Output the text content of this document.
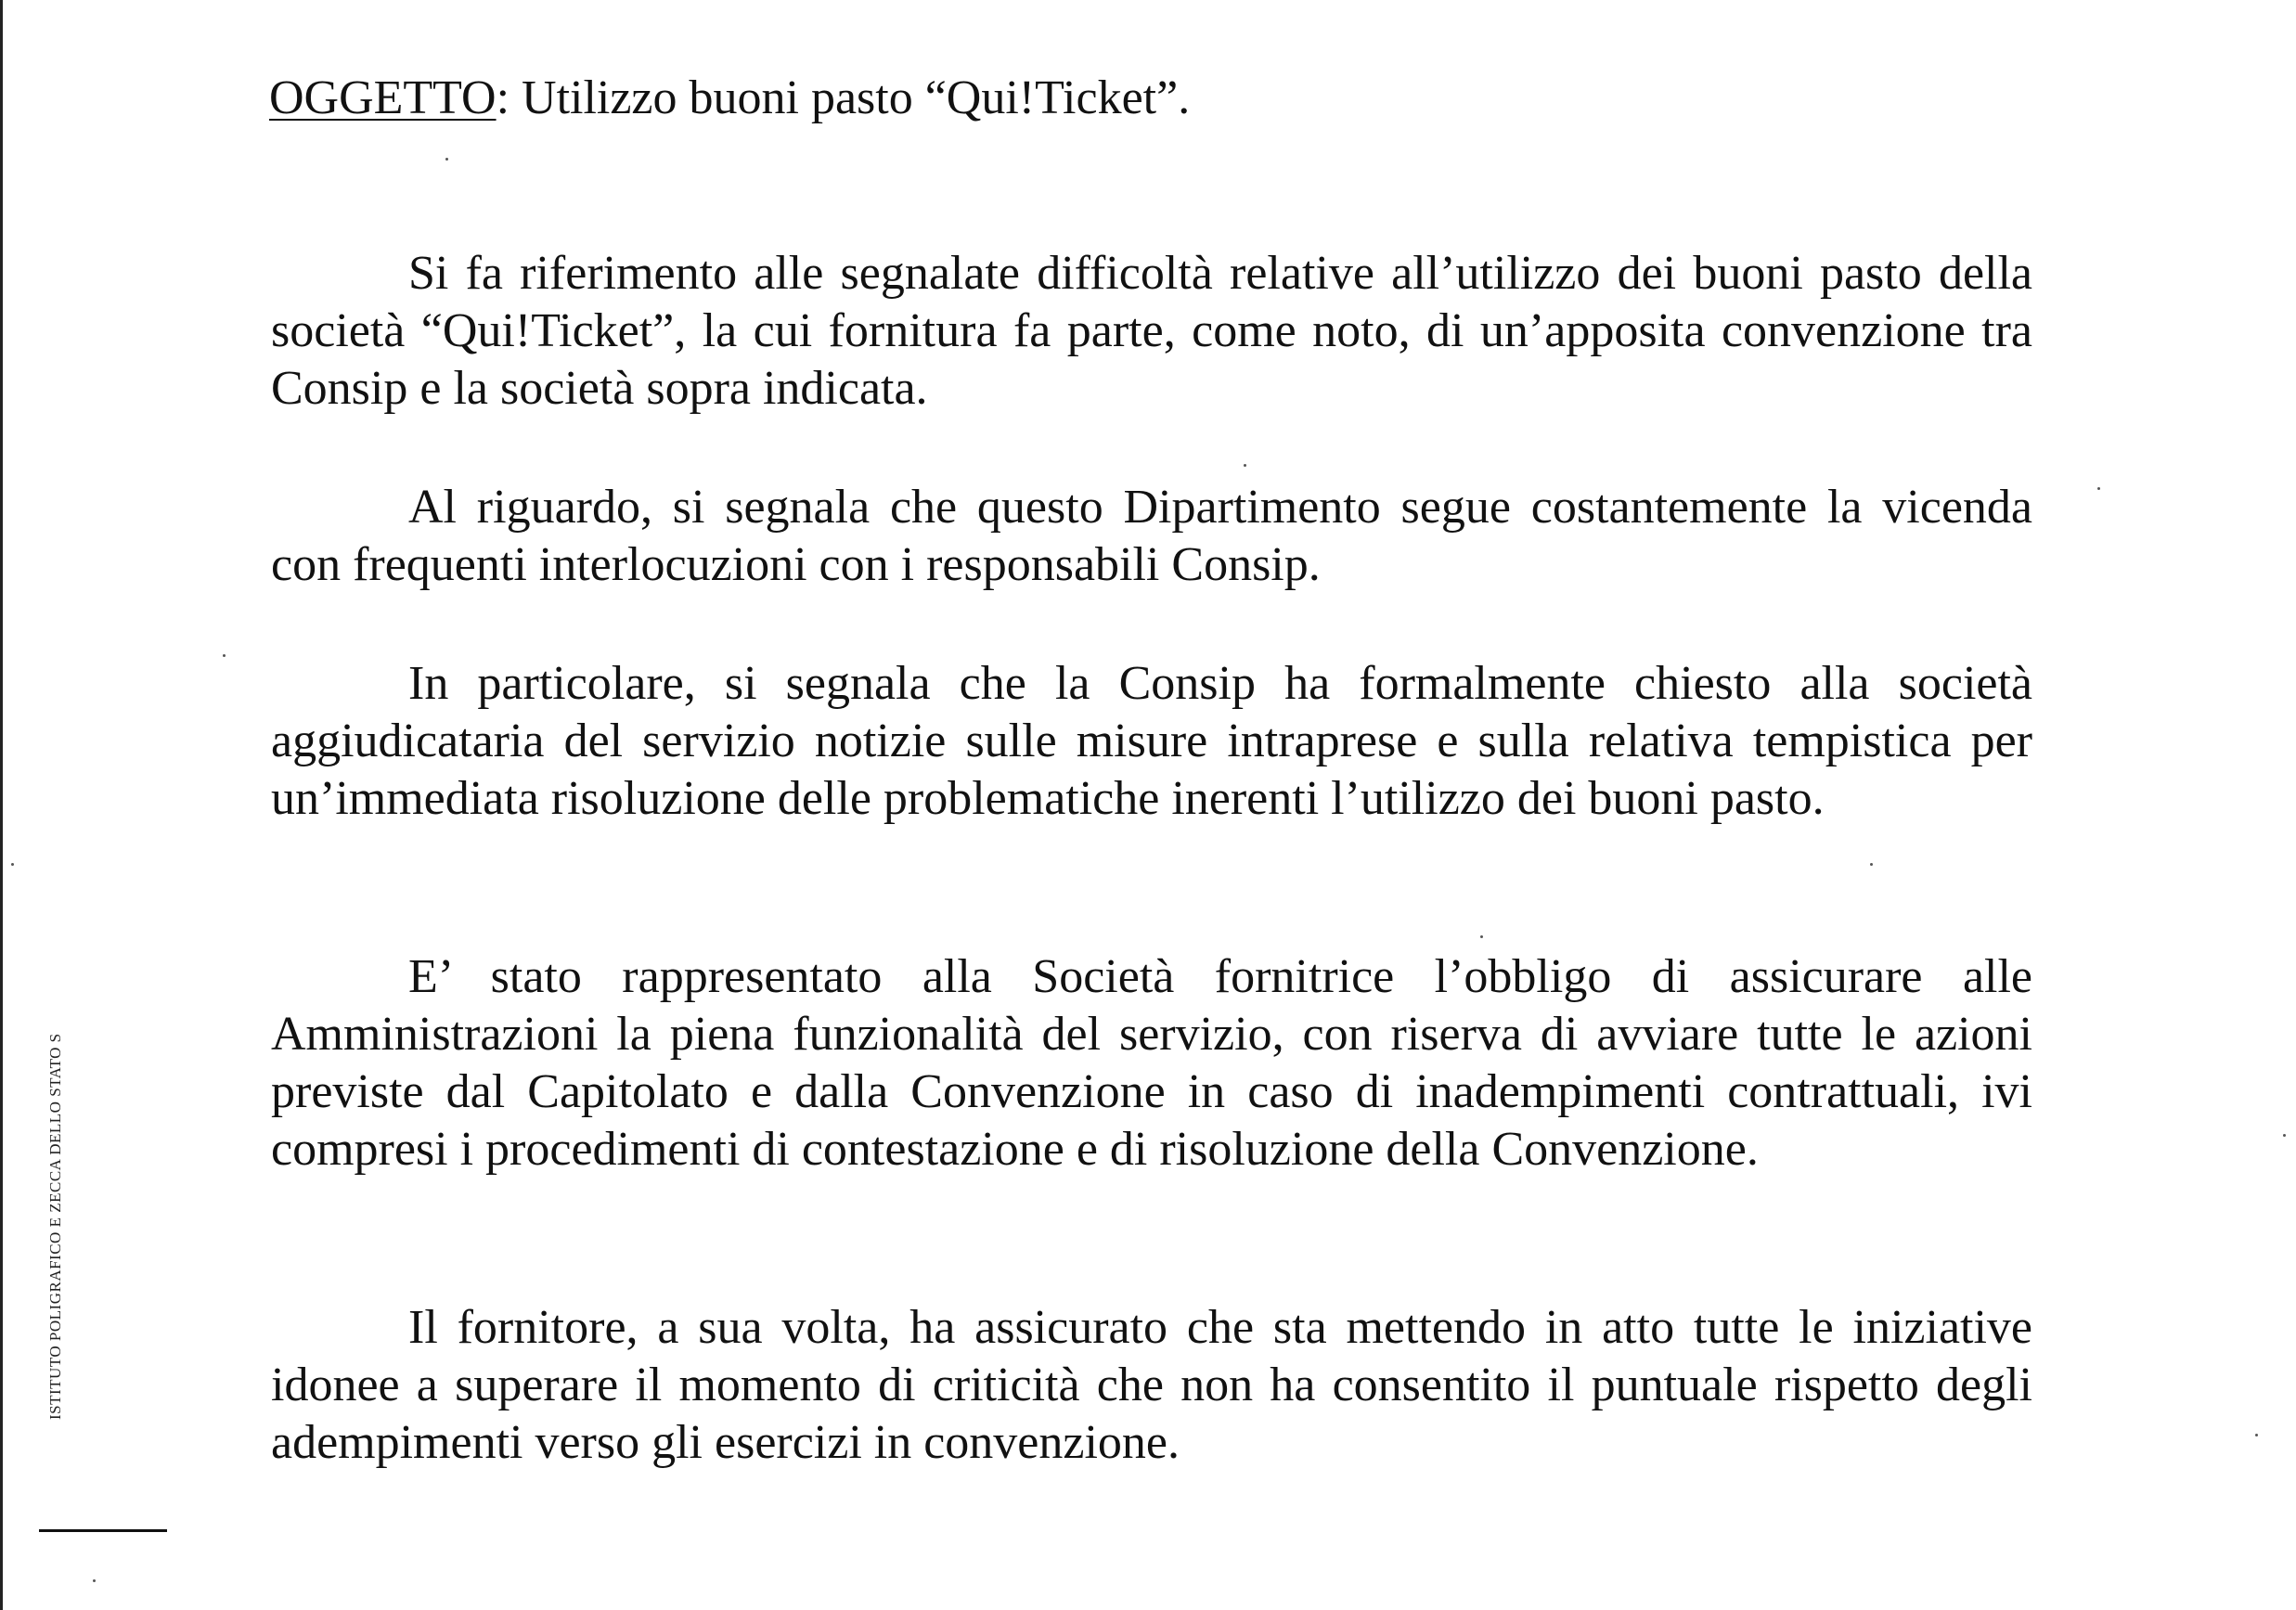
OGGETTO: Utilizzo buoni pasto “Qui!Ticket”.

Si fa riferimento alle segnalate difficoltà relative all’utilizzo dei buoni pasto della società “Qui!Ticket”, la cui fornitura fa parte, come noto, di un’apposita convenzione tra Consip e la società sopra indicata.

Al riguardo, si segnala che questo Dipartimento segue costantemente la vicenda con frequenti interlocuzioni con i responsabili Consip.

In particolare, si segnala che la Consip ha formalmente chiesto alla società aggiudicataria del servizio notizie sulle misure intraprese e sulla relativa tempistica per un’immediata risoluzione delle problematiche inerenti l’utilizzo dei buoni pasto.

E’ stato rappresentato alla Società fornitrice l’obbligo di assicurare alle Amministrazioni la piena funzionalità del servizio, con riserva di avviare tutte le azioni previste dal Capitolato e dalla Convenzione in caso di inadempimenti contrattuali, ivi compresi i procedimenti di contestazione e di risoluzione della Convenzione.

Il fornitore, a sua volta, ha assicurato che sta mettendo in atto tutte le iniziative idonee a superare il momento di criticità che non ha consentito il puntuale rispetto degli adempimenti verso gli esercizi in convenzione.

ISTITUTO POLIGRAFICO E ZECCA DELLO STATO S
